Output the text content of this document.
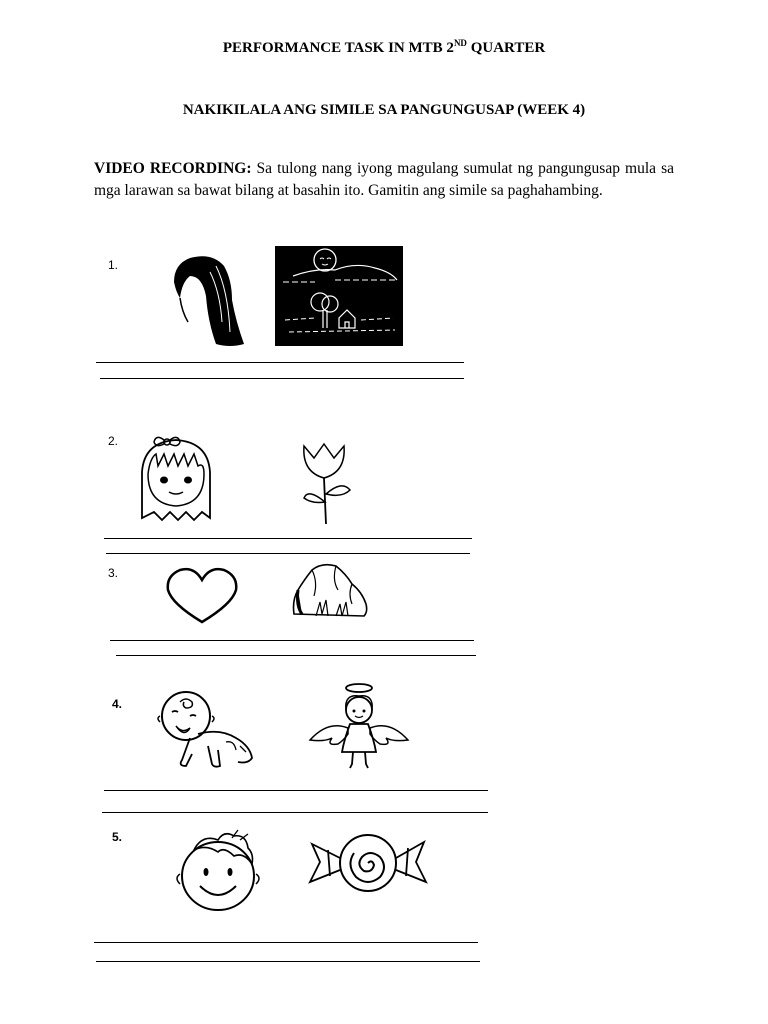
PERFORMANCE TASK IN MTB 2ND QUARTER
NAKIKILALA ANG SIMILE SA PANGUNGUSAP (WEEK 4)

VIDEO RECORDING: Sa tulong nang iyong magulang sumulat ng pangungusap mula sa mga larawan sa bawat bilang at basahin ito. Gamitin ang simile sa paghahambing.

1.
2.
3.
4.
5.
